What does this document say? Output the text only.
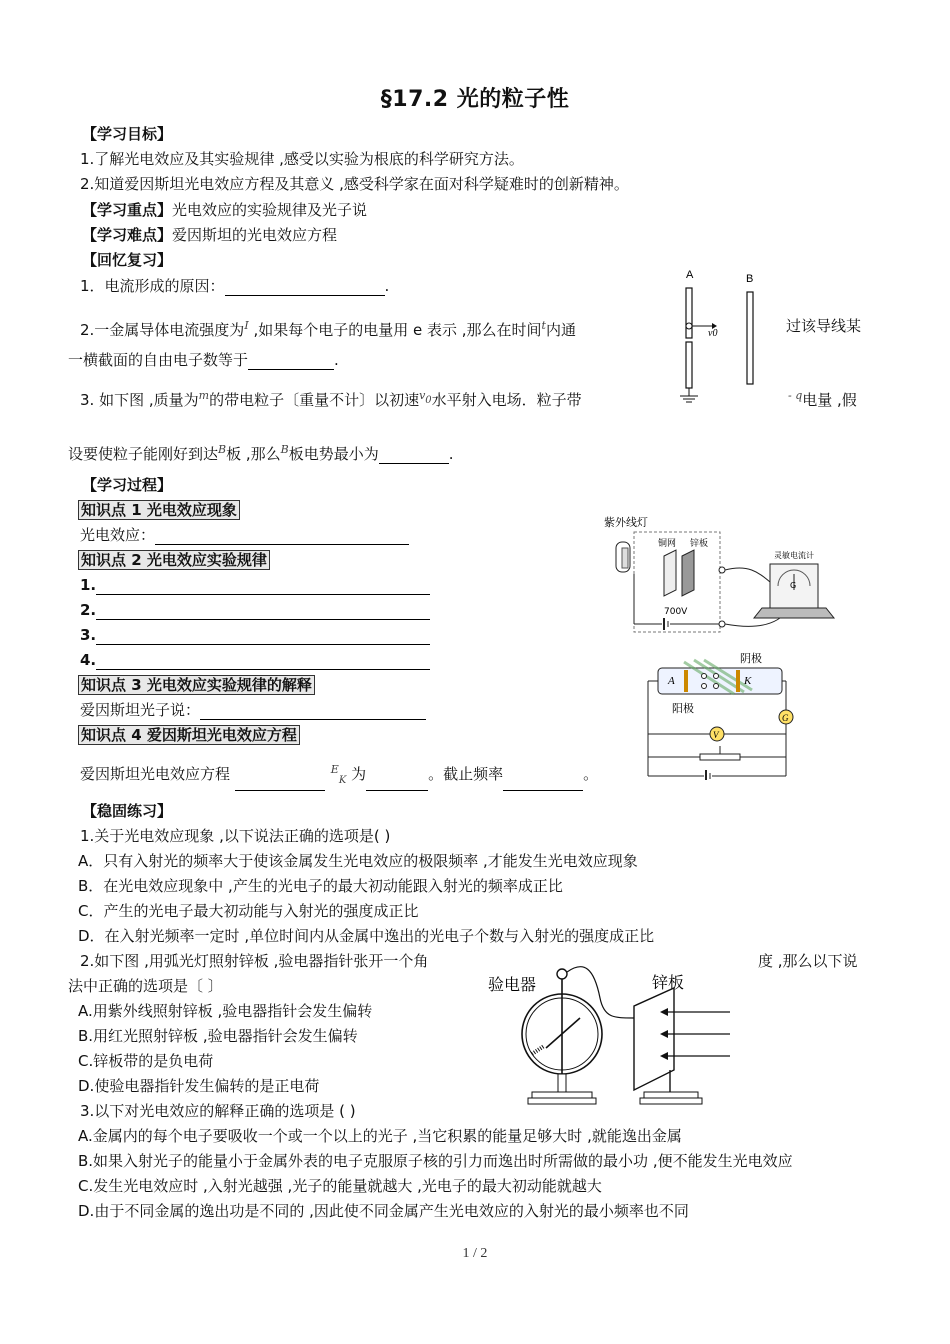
§17.2 光的粒子性
【学习目标】
1.了解光电效应及其实验规律 ,感受以实验为根底的科学研究方法。
2.知道爱因斯坦光电效应方程及其意义 ,感受科学家在面对科学疑难时的创新精神。
【学习重点】光电效应的实验规律及光子说
【学习难点】爱因斯坦的光电效应方程
【回忆复习】
1．电流形成的原因：	.
2.一金属导体电流强度为$^I$ ,如果每个电子的电量用 e 表示 ,那么在时间$^t$内通	过该导线某
一横截面的自由电子数等于	.
3. 如下图 ,质量为$^m$的带电粒子〔重量不计〕以初速$^{v0}$水平射入电场．粒子带	$^{- q}$电量 ,假
设要使粒子能刚好到达$^B$板 ,那么$^B$板电势最小为	.
A	B
v0
【学习过程】
知识点 1 光电效应现象
光电效应：
知识点 2 光电效应实验规律
1.
2.
3.
4.
知识点 3 光电效应实验规律的解释
爱因斯坦光子说：
知识点 4 爱因斯坦光电效应方程
爱因斯坦光电效应方程	$^E_K$ 为	。截止频率	。
紫外线灯
铜网 锌板
700V
灵敏电流计
G
阴极
A	K
阳极
G
V
【稳固练习】
1.关于光电效应现象 ,以下说法正确的选项是( )
A．只有入射光的频率大于使该金属发生光电效应的极限频率 ,才能发生光电效应现象
B．在光电效应现象中 ,产生的光电子的最大初动能跟入射光的频率成正比
C．产生的光电子最大初动能与入射光的强度成正比
D．在入射光频率一定时 ,单位时间内从金属中逸出的光电子个数与入射光的强度成正比
2.如下图 ,用弧光灯照射锌板 ,验电器指针张开一个角	度 ,那么以下说
法中正确的选项是〔 〕
A.用紫外线照射锌板 ,验电器指针会发生偏转
B.用红光照射锌板 ,验电器指针会发生偏转
C.锌板带的是负电荷
D.使验电器指针发生偏转的是正电荷
3.以下对光电效应的解释正确的选项是 ( )
A.金属内的每个电子要吸收一个或一个以上的光子 ,当它积累的能量足够大时 ,就能逸出金属
B.如果入射光子的能量小于金属外表的电子克服原子核的引力而逸出时所需做的最小功 ,便不能发生光电效应
C.发生光电效应时 ,入射光越强 ,光子的能量就越大 ,光电子的最大初动能就越大
D.由于不同金属的逸出功是不同的 ,因此使不同金属产生光电效应的入射光的最小频率也不同
验电器	锌板
1 / 2
